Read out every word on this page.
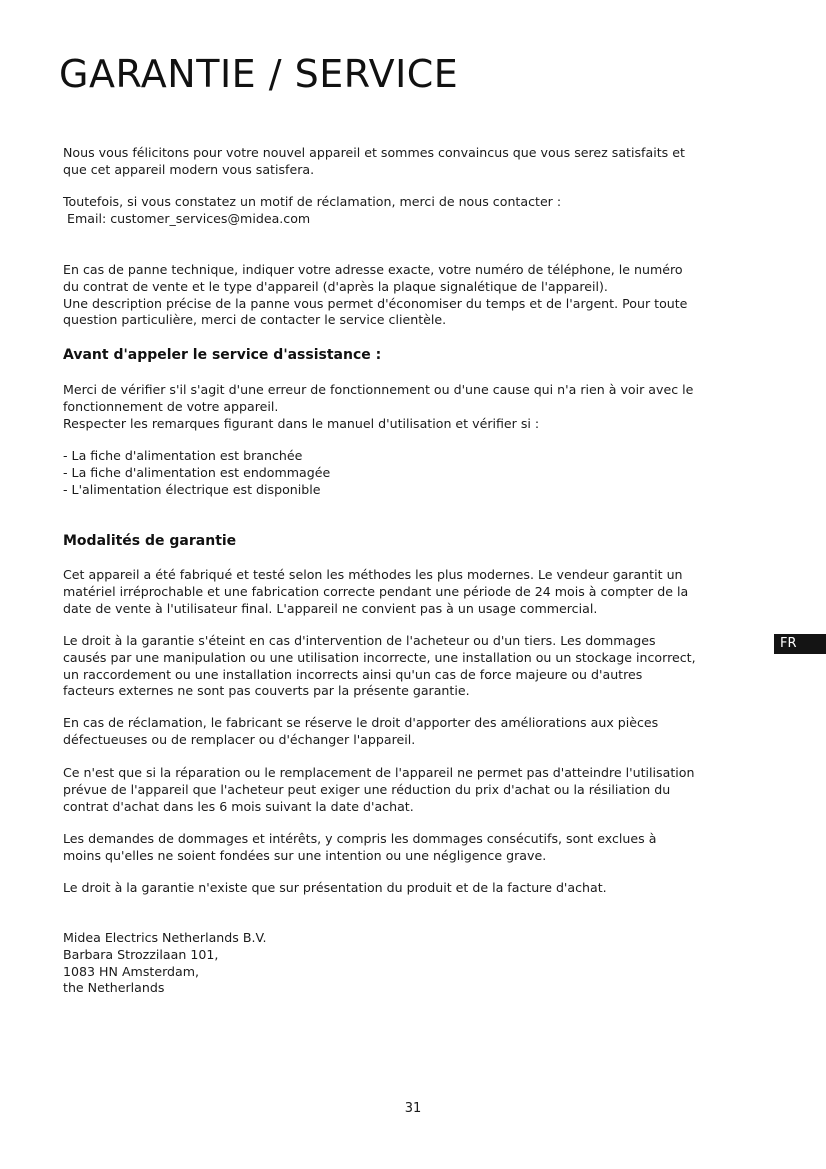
GARANTIE / SERVICE

Nous vous félicitons pour votre nouvel appareil et sommes convaincus que vous serez satisfaits et
que cet appareil modern vous satisfera.

Toutefois, si vous constatez un motif de réclamation, merci de nous contacter :
Email: customer_services@midea.com

En cas de panne technique, indiquer votre adresse exacte, votre numéro de téléphone, le numéro
du contrat de vente et le type d'appareil (d'après la plaque signalétique de l'appareil).
Une description précise de la panne vous permet d'économiser du temps et de l'argent. Pour toute
question particulière, merci de contacter le service clientèle.

Avant d'appeler le service d'assistance :

Merci de vérifier s'il s'agit d'une erreur de fonctionnement ou d'une cause qui n'a rien à voir avec le
fonctionnement de votre appareil.
Respecter les remarques figurant dans le manuel d'utilisation et vérifier si :

- La fiche d'alimentation est branchée
- La fiche d'alimentation est endommagée
- L'alimentation électrique est disponible

Modalités de garantie

Cet appareil a été fabriqué et testé selon les méthodes les plus modernes. Le vendeur garantit un
matériel irréprochable et une fabrication correcte pendant une période de 24 mois à compter de la
date de vente à l'utilisateur final. L'appareil ne convient pas à un usage commercial.

Le droit à la garantie s'éteint en cas d'intervention de l'acheteur ou d'un tiers. Les dommages
causés par une manipulation ou une utilisation incorrecte, une installation ou un stockage incorrect,
un raccordement ou une installation incorrects ainsi qu'un cas de force majeure ou d'autres
facteurs externes ne sont pas couverts par la présente garantie.

En cas de réclamation, le fabricant se réserve le droit d'apporter des améliorations aux pièces
défectueuses ou de remplacer ou d'échanger l'appareil.

Ce n'est que si la réparation ou le remplacement de l'appareil ne permet pas d'atteindre l'utilisation
prévue de l'appareil que l'acheteur peut exiger une réduction du prix d'achat ou la résiliation du
contrat d'achat dans les 6 mois suivant la date d'achat.

Les demandes de dommages et intérêts, y compris les dommages consécutifs, sont exclues à
moins qu'elles ne soient fondées sur une intention ou une négligence grave.

Le droit à la garantie n'existe que sur présentation du produit et de la facture d'achat.

Midea Electrics Netherlands B.V.
Barbara Strozzilaan 101,
1083 HN Amsterdam,
the Netherlands

FR
31
